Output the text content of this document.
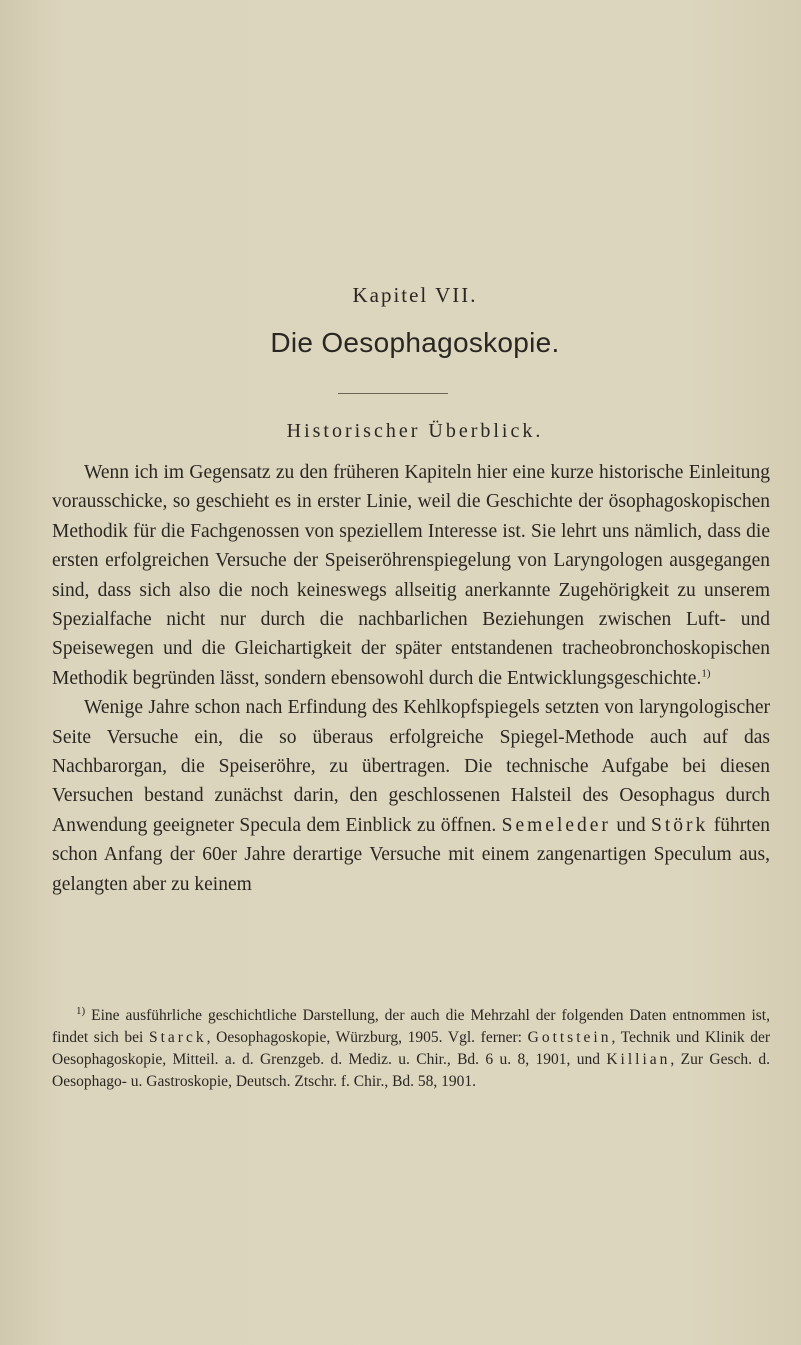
Kapitel VII.
Die Oesophagoskopie.
Historischer Überblick.

Wenn ich im Gegensatz zu den früheren Kapiteln hier eine kurze historische Einleitung vorausschicke, so geschieht es in erster Linie, weil die Geschichte der ösophagoskopischen Methodik für die Fachgenossen von speziellem Interesse ist. Sie lehrt uns nämlich, dass die ersten erfolgreichen Versuche der Speiseröhrenspiegelung von Laryngologen ausgegangen sind, dass sich also die noch keineswegs allseitig anerkannte Zugehörigkeit zu unserem Spezialfache nicht nur durch die nachbarlichen Beziehungen zwischen Luft- und Speisewegen und die Gleichartigkeit der später entstandenen tracheobronchoskopischen Methodik begründen lässt, sondern ebensowohl durch die Entwicklungsgeschichte.$^{1)}$

Wenige Jahre schon nach Erfindung des Kehlkopfspiegels setzten von laryngologischer Seite Versuche ein, die so überaus erfolgreiche Spiegel-Methode auch auf das Nachbarorgan, die Speiseröhre, zu übertragen. Die technische Aufgabe bei diesen Versuchen bestand zunächst darin, den geschlossenen Halsteil des Oesophagus durch Anwendung geeigneter Specula dem Einblick zu öffnen. Semeleder und Störk führten schon Anfang der 60er Jahre derartige Versuche mit einem zangenartigen Speculum aus, gelangten aber zu keinem

$^{1)}$ Eine ausführliche geschichtliche Darstellung, der auch die Mehrzahl der folgenden Daten entnommen ist, findet sich bei Starck, Oesophagoskopie, Würzburg, 1905. Vgl. ferner: Gottstein, Technik und Klinik der Oesophagoskopie, Mitteil. a. d. Grenzgeb. d. Mediz. u. Chir., Bd. 6 u. 8, 1901, und Killian, Zur Gesch. d. Oesophago- u. Gastroskopie, Deutsch. Ztschr. f. Chir., Bd. 58, 1901.
